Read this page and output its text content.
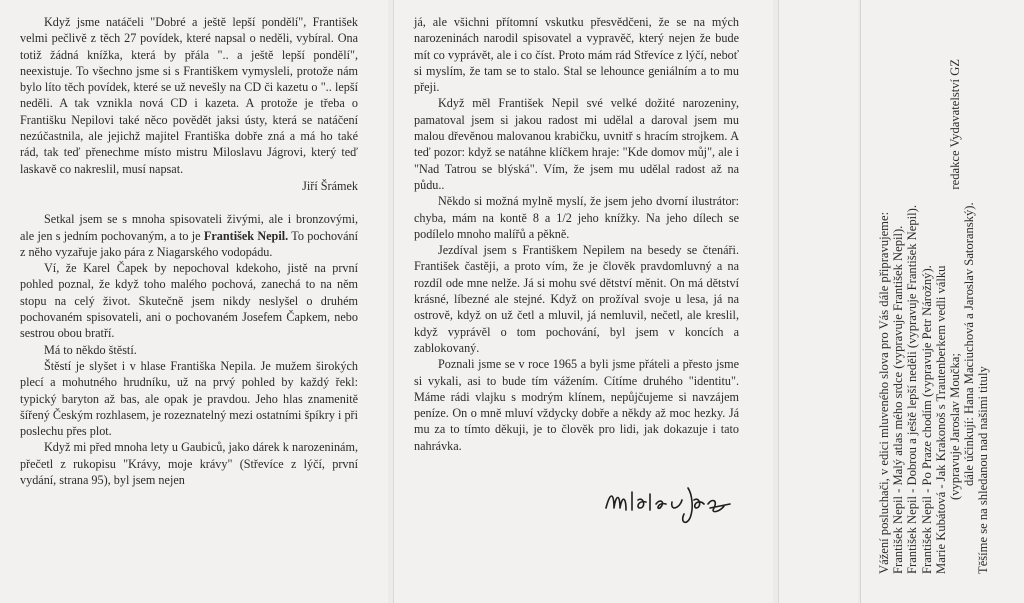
Když jsme natáčeli "Dobré a ještě lepší pondělí", František velmi pečlivě z těch 27 povídek, které napsal o neděli, vybíral. Ona totiž žádná knížka, která by přála ".. a ještě lepší pondělí", neexistuje. To všechno jsme si s Františkem vymysleli, protože nám bylo líto těch povídek, které se už nevešly na CD či kazetu o ".. lepší neděli. A tak vznikla nová CD i kazeta. A protože je třeba o Františku Nepilovi také něco povědět jaksi ústy, která se natáčení nezúčastnila, ale jejichž majitel Františka dobře zná a má ho také rád, tak teď přenechme místo mistru Miloslavu Jágrovi, který teď laskavě co nakreslil, musí napsat.

Jiří Šrámek

Setkal jsem se s mnoha spisovateli živými, ale i bronzovými, ale jen s jedním pochovaným, a to je František Nepil. To pochování z něho vyzařuje jako pára z Niagarského vodopádu.

Ví, že Karel Čapek by nepochoval kdekoho, jistě na první pohled poznal, že když toho malého pochová, zanechá to na něm stopu na celý život. Skutečně jsem nikdy neslyšel o druhém pochovaném spisovateli, ani o pochovaném Josefem Čapkem, nebo sestrou obou bratří.

Má to někdo štěstí.

Štěstí je slyšet i v hlase Františka Nepila. Je mužem širokých plecí a mohutného hrudníku, už na prvý pohled by každý řekl: typický baryton až bas, ale opak je pravdou. Jeho hlas znamenitě šířený Českým rozhlasem, je rozeznatelný mezi ostatními špíkry i při poslechu přes plot.

Když mi před mnoha lety u Gaubiců, jako dárek k narozeninám, přečetl z rukopisu "Krávy, moje krávy" (Střevíce z lýčí, první vydání, strana 95), byl jsem nejen

já, ale všichni přítomní vskutku přesvědčeni, že se na mých narozeninách narodil spisovatel a vypravěč, který nejen že bude mít co vyprávět, ale i co číst. Proto mám rád Střevíce z lýčí, neboť si myslím, že tam se to stalo. Stal se lehounce geniálním a to mu přeji.

Když měl František Nepil své velké dožité narozeniny, pamatoval jsem si jakou radost mi udělal a daroval jsem mu malou dřevěnou malovanou krabičku, uvnitř s hracím strojkem. A teď pozor: když se natáhne klíčkem hraje: "Kde domov můj", ale i "Nad Tatrou se blýská". Vím, že jsem mu udělal radost až na půdu..

Někdo si možná mylně myslí, že jsem jeho dvorní ilustrátor: chyba, mám na kontě 8 a 1/2 jeho knížky. Na jeho dílech se podílelo mnoho malířů a pěkně.

Jezdíval jsem s Františkem Nepilem na besedy se čtenáři. František častěji, a proto vím, že je člověk pravdomluvný a na rozdíl ode mne nelže. Já si mohu své dětství měnit. On má dětství krásné, líbezné ale stejné. Když on prožíval svoje u lesa, já na ostrově, když on už četl a mluvil, já nemluvil, nečetl, ale kreslil, když vyprávěl o tom pochování, byl jsem v koncích a zablokovaný.

Poznali jsme se v roce 1965 a byli jsme přáteli a přesto jsme si vykali, asi to bude tím vážením. Cítíme druhého "identitu". Máme rádi vlajku s modrým klínem, nepůjčujeme si navzájem peníze. On o mně mluví vždycky dobře a někdy až moc hezky. Já mu za to tímto děkuji, je to člověk pro lidi, jak dokazuje i tato nahrávka.	Vážení posluchači, v edici mluveného slova pro Vás dále připravujeme: František Nepil - Malý atlas mého srdce (vypravuje František Nepil). František Nepil - Dobrou a ještě lepší neděli (vypravuje František Nepil). František Nepil - Po Praze chodím (vypravuje Petr Nárožný). Marie Kubátová - Jak Krakonoš s Trautenberkem vedli válku (vypravuje Jaroslav Moučka; dále účinkují: Hana Maciuchová a Jaroslav Satoranský). Těšíme se na shledanou nad našimi tituly
redakce Vydavatelství GZ
